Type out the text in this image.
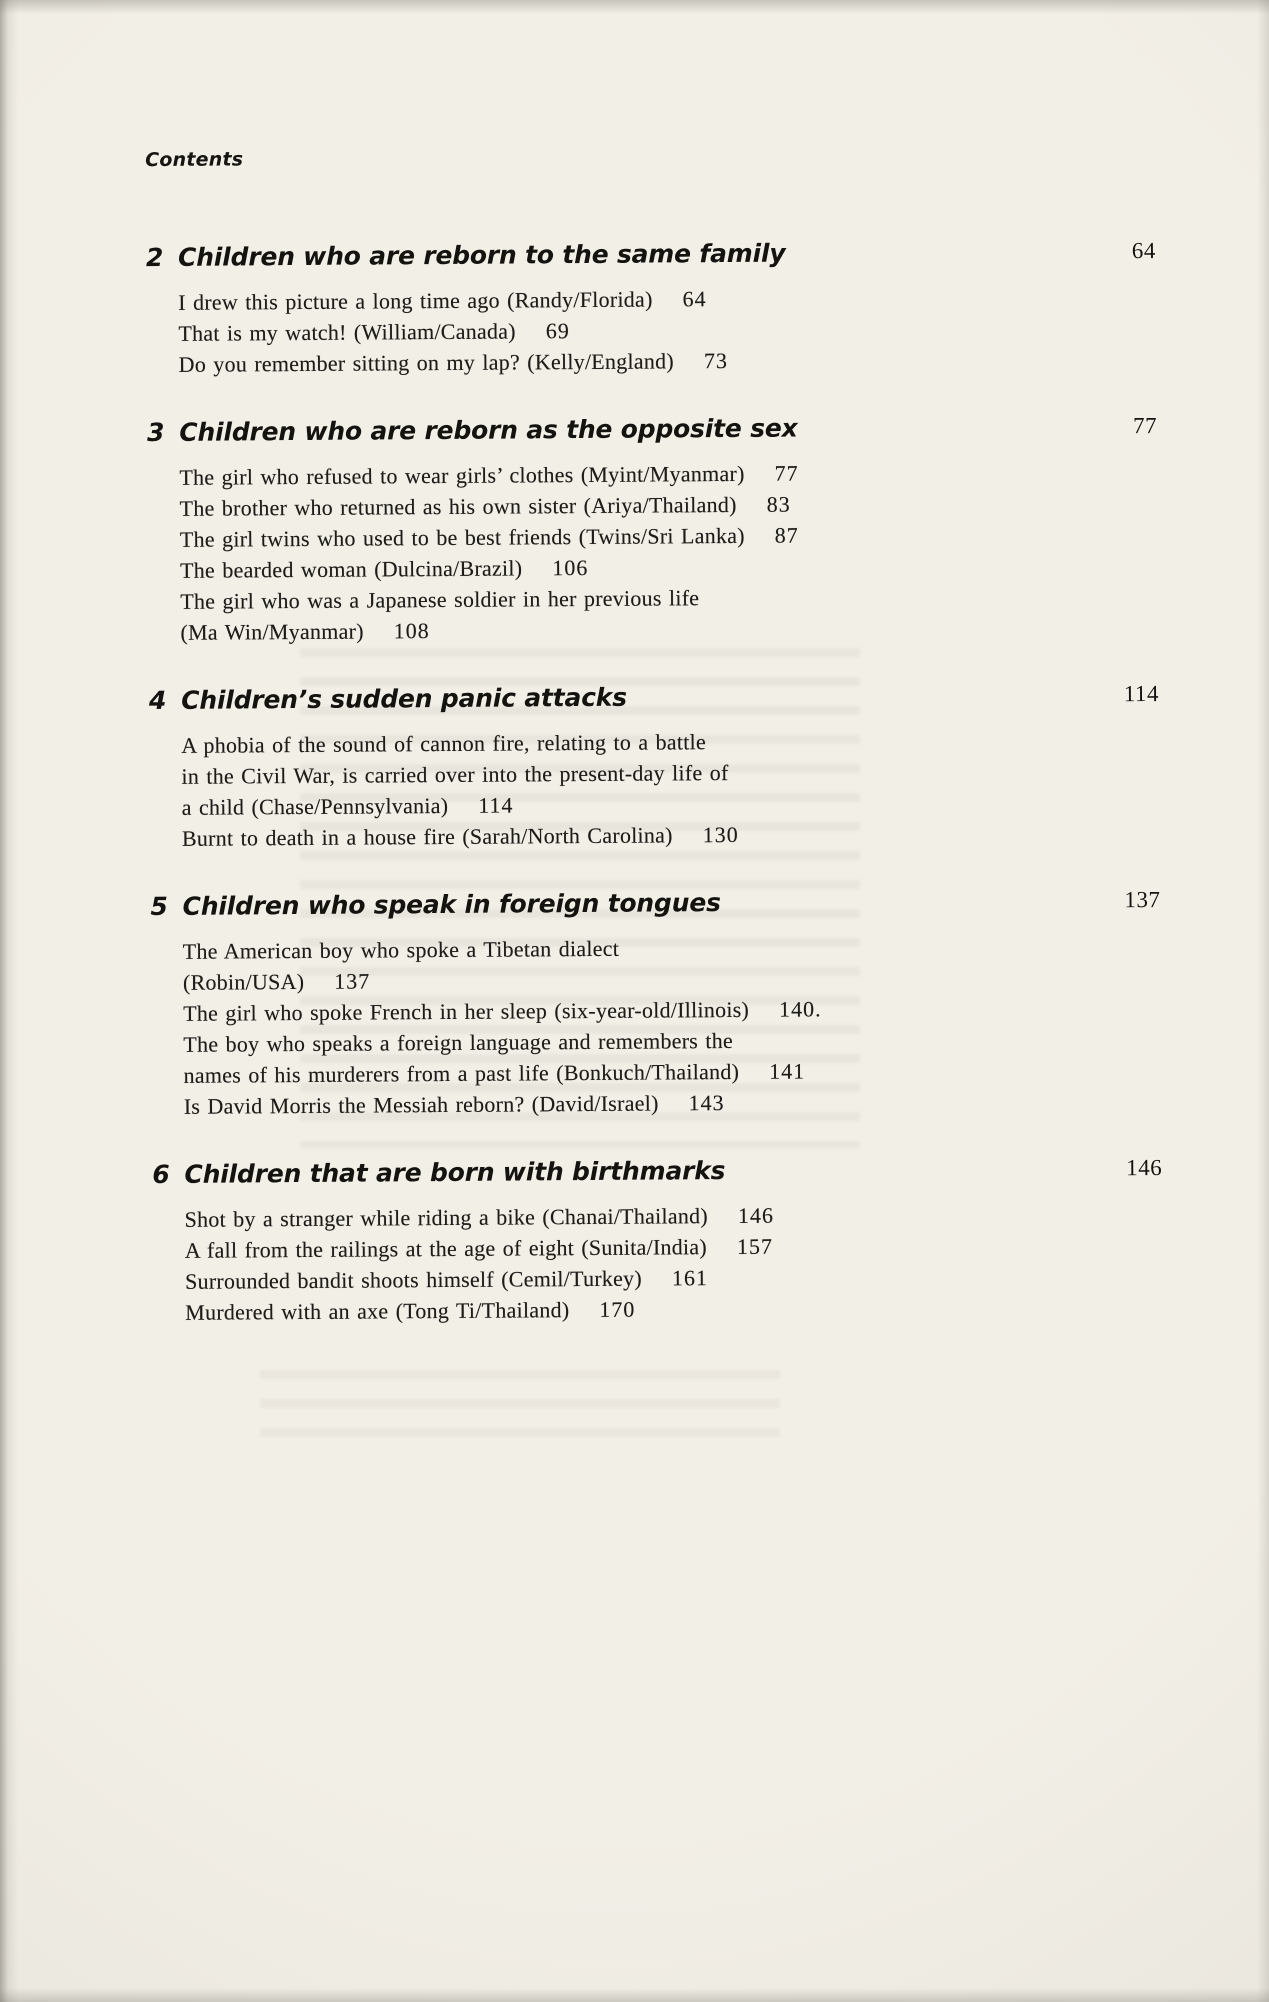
Contents
2 Children who are reborn to the same family	64
I drew this picture a long time ago (Randy/Florida) 64
That is my watch! (William/Canada) 69
Do you remember sitting on my lap? (Kelly/England) 73
3 Children who are reborn as the opposite sex	77
The girl who refused to wear girls’ clothes (Myint/Myanmar) 77
The brother who returned as his own sister (Ariya/Thailand) 83
The girl twins who used to be best friends (Twins/Sri Lanka) 87
The bearded woman (Dulcina/Brazil) 106
The girl who was a Japanese soldier in her previous life
(Ma Win/Myanmar) 108
4 Children’s sudden panic attacks	114
A phobia of the sound of cannon fire, relating to a battle
in the Civil War, is carried over into the present-day life of
a child (Chase/Pennsylvania) 114
Burnt to death in a house fire (Sarah/North Carolina) 130
5 Children who speak in foreign tongues	137
The American boy who spoke a Tibetan dialect
(Robin/USA) 137
The girl who spoke French in her sleep (six-year-old/Illinois) 140.
The boy who speaks a foreign language and remembers the
names of his murderers from a past life (Bonkuch/Thailand) 141
Is David Morris the Messiah reborn? (David/Israel) 143
6 Children that are born with birthmarks	146
Shot by a stranger while riding a bike (Chanai/Thailand) 146
A fall from the railings at the age of eight (Sunita/India) 157
Surrounded bandit shoots himself (Cemil/Turkey) 161
Murdered with an axe (Tong Ti/Thailand) 170
